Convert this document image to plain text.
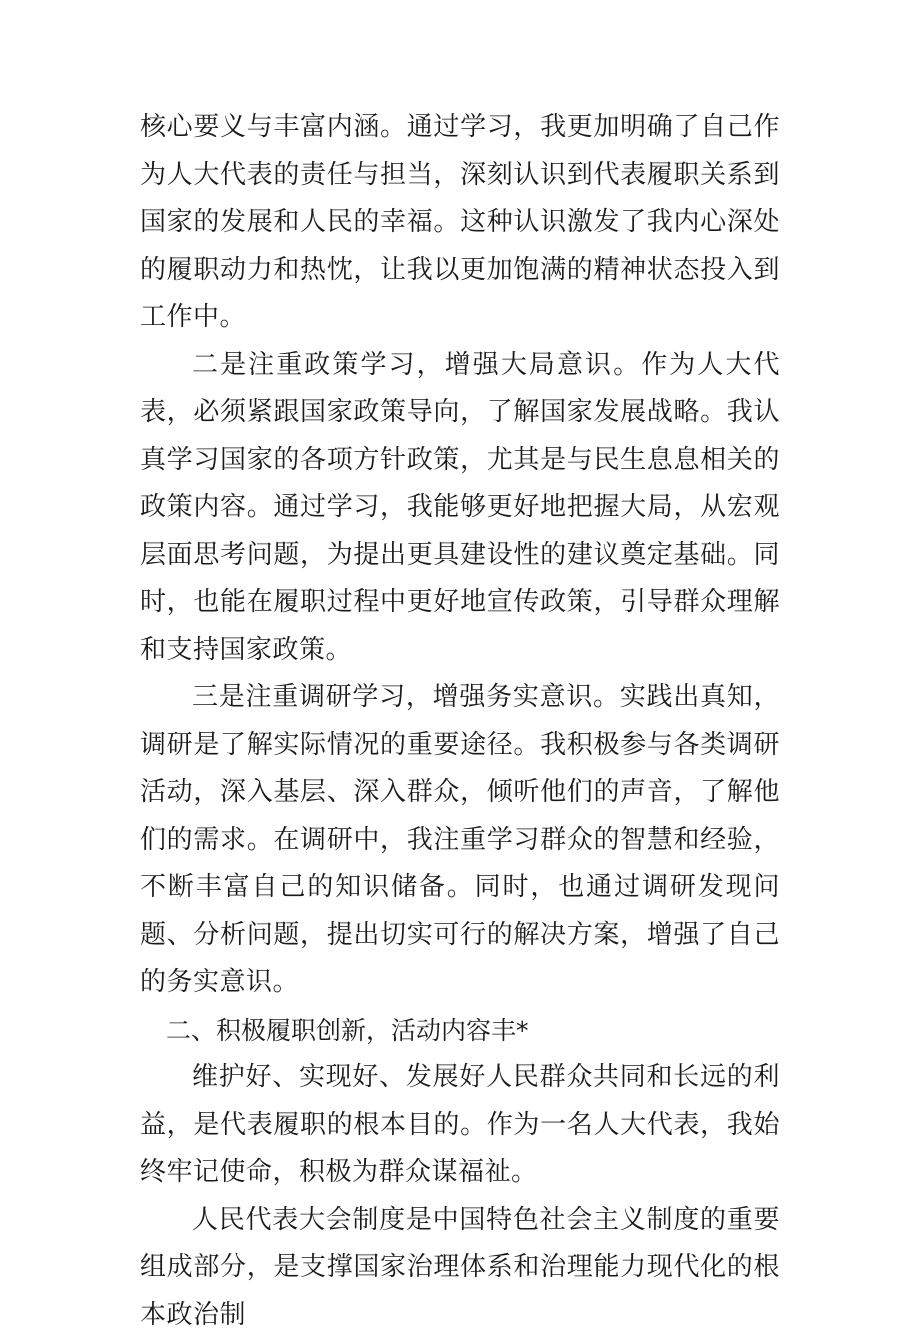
核心要义与丰富内涵。通过学习，我更加明确了自己作为人大代表的责任与担当，深刻认识到代表履职关系到国家的发展和人民的幸福。这种认识激发了我内心深处的履职动力和热忱，让我以更加饱满的精神状态投入到工作中。

二是注重政策学习，增强大局意识。作为人大代表，必须紧跟国家政策导向，了解国家发展战略。我认真学习国家的各项方针政策，尤其是与民生息息相关的政策内容。通过学习，我能够更好地把握大局，从宏观层面思考问题，为提出更具建设性的建议奠定基础。同时，也能在履职过程中更好地宣传政策，引导群众理解和支持国家政策。

三是注重调研学习，增强务实意识。实践出真知，调研是了解实际情况的重要途径。我积极参与各类调研活动，深入基层、深入群众，倾听他们的声音，了解他们的需求。在调研中，我注重学习群众的智慧和经验，不断丰富自己的知识储备。同时，也通过调研发现问题、分析问题，提出切实可行的解决方案，增强了自己的务实意识。

二、积极履职创新，活动内容丰*

维护好、实现好、发展好人民群众共同和长远的利益，是代表履职的根本目的。作为一名人大代表，我始终牢记使命，积极为群众谋福祉。

人民代表大会制度是中国特色社会主义制度的重要组成部分，是支撑国家治理体系和治理能力现代化的根本政治制
